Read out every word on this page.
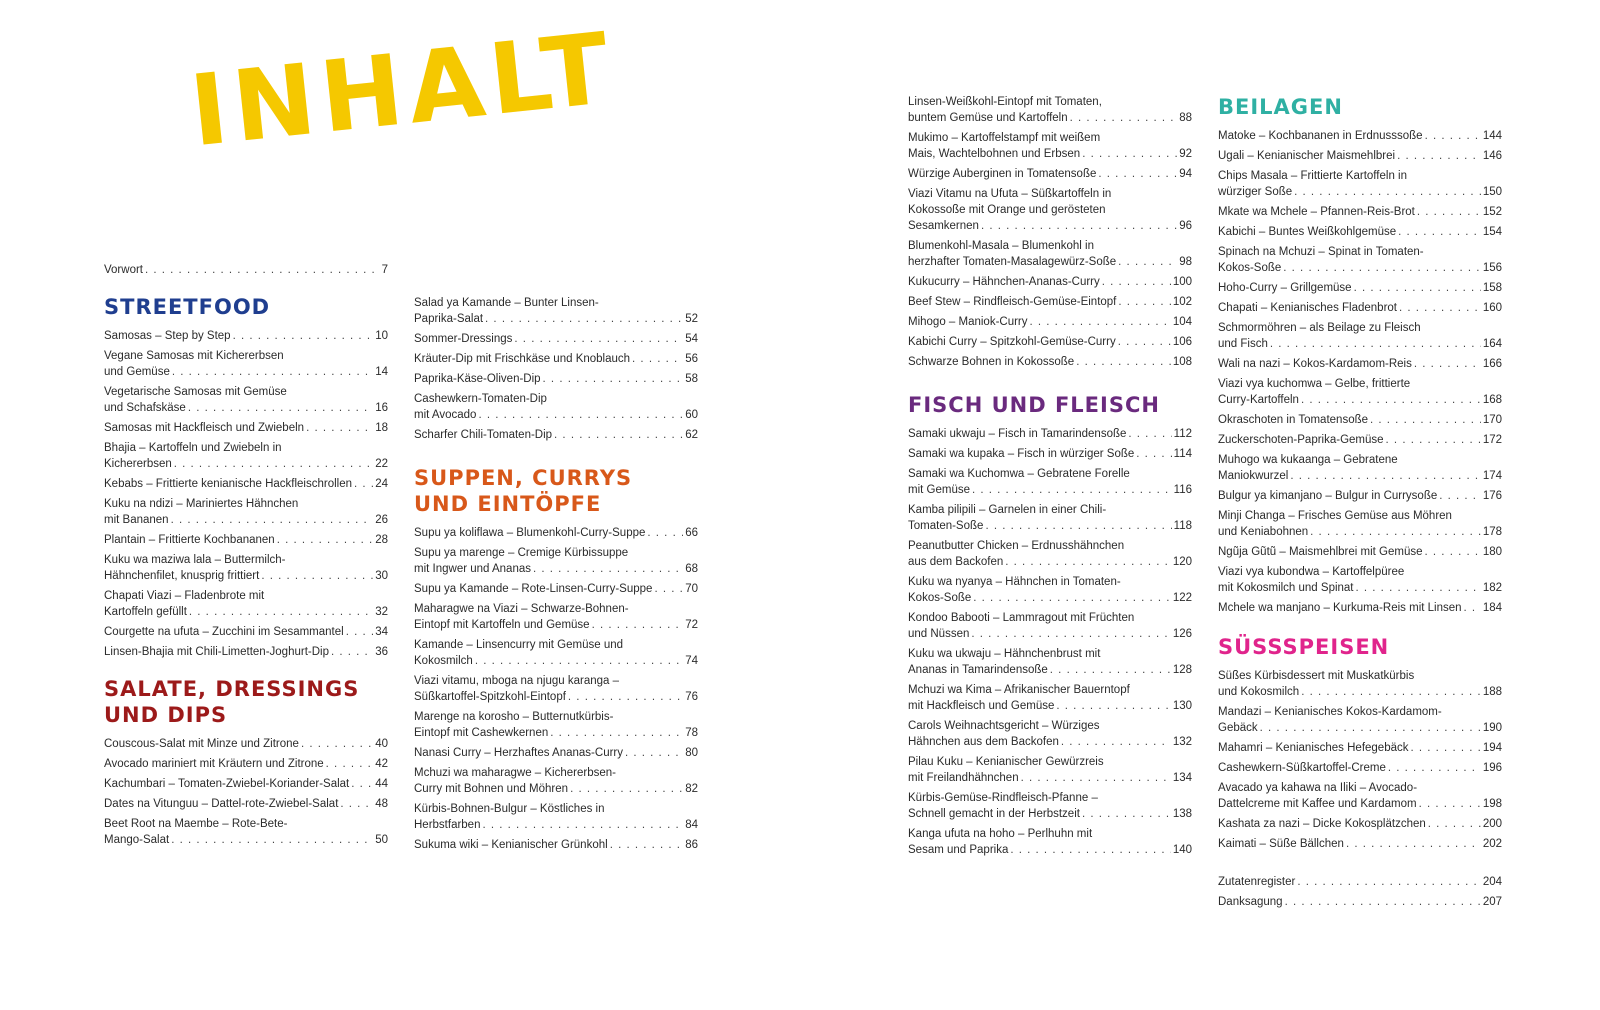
INHALT
Vorwort . . .	7
STREETFOOD
Samosas – Step by Step . . .	10
Vegane Samosas mit Kichererbsen
und Gemüse . . .	14
Vegetarische Samosas mit Gemüse
und Schafskäse . . .	16
Samosas mit Hackfleisch und Zwiebeln . . .	18
Bhajia – Kartoffeln und Zwiebeln in
Kichererbsen . . .	22
Kebabs – Frittierte kenianische Hackfleischrollen . . . 24
Kuku na ndizi – Mariniertes Hähnchen
mit Bananen . . .	26
Plantain – Frittierte Kochbananen . . .	28
Kuku wa maziwa lala – Buttermilch-
Hähnchenfilet, knusprig frittiert . . .	30
Chapati Viazi – Fladenbrote mit
Kartoffeln gefüllt . . .	32
Courgette na ufuta – Zucchini im Sesammantel . . .	34
Linsen-Bhajia mit Chili-Limetten-Joghurt-Dip . . .	36
SALATE, DRESSINGS
UND DIPS
Couscous-Salat mit Minze und Zitrone . . .	40
Avocado mariniert mit Kräutern und Zitrone . . .	42
Kachumbari – Tomaten-Zwiebel-Koriander-Salat . . . 44
Dates na Vitunguu – Dattel-rote-Zwiebel-Salat . . .	48
Beet Root na Maembe – Rote-Bete-
Mango-Salat . . .	50
Salad ya Kamande – Bunter Linsen-
Paprika-Salat . . .	52
Sommer-Dressings . . .	54
Kräuter-Dip mit Frischkäse und Knoblauch . . .	56
Paprika-Käse-Oliven-Dip . . .	58
Cashewkern-Tomaten-Dip
mit Avocado . . .	60
Scharfer Chili-Tomaten-Dip . . .	62
SUPPEN, CURRYS
UND EINTÖPFE
Supu ya koliflawa – Blumenkohl-Curry-Suppe . . .	66
Supu ya marenge – Cremige Kürbissuppe
mit Ingwer und Ananas . . .	68
Supu ya Kamande – Rote-Linsen-Curry-Suppe . . .	70
Maharagwe na Viazi – Schwarze-Bohnen-
Eintopf mit Kartoffeln und Gemüse . . .	72
Kamande – Linsencurry mit Gemüse und
Kokosmilch . . .	74
Viazi vitamu, mboga na njugu karanga –
Süßkartoffel-Spitzkohl-Eintopf . . .	76
Marenge na korosho – Butternutkürbis-
Eintopf mit Cashewkernen . . .	78
Nanasi Curry – Herzhaftes Ananas-Curry . . .	80
Mchuzi wa maharagwe – Kichererbsen-
Curry mit Bohnen und Möhren . . .	82
Kürbis-Bohnen-Bulgur – Köstliches in
Herbstfarben . . .	84
Sukuma wiki – Kenianischer Grünkohl . . .	86
Linsen-Weißkohl-Eintopf mit Tomaten,
buntem Gemüse und Kartoffeln . . .	88
Mukimo – Kartoffelstampf mit weißem
Mais, Wachtelbohnen und Erbsen . . .	92
Würzige Auberginen in Tomatensoße . . .	94
Viazi Vitamu na Ufuta – Süßkartoffeln in
Kokossoße mit Orange und gerösteten
Sesamkernen . . .	96
Blumenkohl-Masala – Blumenkohl in
herzhafter Tomaten-Masalagewürz-Soße . . .	98
Kukucurry – Hähnchen-Ananas-Curry . . .	100
Beef Stew – Rindfleisch-Gemüse-Eintopf . . .	102
Mihogo – Maniok-Curry . . .	104
Kabichi Curry – Spitzkohl-Gemüse-Curry . . .	106
Schwarze Bohnen in Kokossoße . . .	108
FISCH UND FLEISCH
Samaki ukwaju – Fisch in Tamarindensoße . . .	112
Samaki wa kupaka – Fisch in würziger Soße . . .	114
Samaki wa Kuchomwa – Gebratene Forelle
mit Gemüse . . .	116
Kamba pilipili – Garnelen in einer Chili-
Tomaten-Soße . . .	118
Peanutbutter Chicken – Erdnusshähnchen
aus dem Backofen . . .	120
Kuku wa nyanya – Hähnchen in Tomaten-
Kokos-Soße . . .	122
Kondoo Babooti – Lammragout mit Früchten
und Nüssen . . .	126
Kuku wa ukwaju – Hähnchenbrust mit
Ananas in Tamarindensoße . . .	128
Mchuzi wa Kima – Afrikanischer Bauerntopf
mit Hackfleisch und Gemüse . . .	130
Carols Weihnachtsgericht – Würziges
Hähnchen aus dem Backofen . . .	132
Pilau Kuku – Kenianischer Gewürzreis
mit Freilandhähnchen . . .	134
Kürbis-Gemüse-Rindfleisch-Pfanne –
Schnell gemacht in der Herbstzeit . . .	138
Kanga ufuta na hoho – Perlhuhn mit
Sesam und Paprika . . .	140
BEILAGEN
Matoke – Kochbananen in Erdnusssoße . . .	144
Ugali – Kenianischer Maismehlbrei . . .	146
Chips Masala – Frittierte Kartoffeln in
würziger Soße . . .	150
Mkate wa Mchele – Pfannen-Reis-Brot . . .	152
Kabichi – Buntes Weißkohlgemüse . . .	154
Spinach na Mchuzi – Spinat in Tomaten-
Kokos-Soße . . .	156
Hoho-Curry – Grillgemüse . . .	158
Chapati – Kenianisches Fladenbrot . . .	160
Schmormöhren – als Beilage zu Fleisch
und Fisch . . .	164
Wali na nazi – Kokos-Kardamom-Reis . . .	166
Viazi vya kuchomwa – Gelbe, frittierte
Curry-Kartoffeln . . .	168
Okraschoten in Tomatensoße . . .	170
Zuckerschoten-Paprika-Gemüse . . .	172
Muhogo wa kukaanga – Gebratene
Maniokwurzel . . .	174
Bulgur ya kimanjano – Bulgur in Currysoße . . .	176
Minji Changa – Frisches Gemüse aus Möhren
und Keniabohnen . . .	178
Ngũja Gũtũ – Maismehlbrei mit Gemüse . . .	180
Viazi vya kubondwa – Kartoffelpüree
mit Kokosmilch und Spinat . . .	182
Mchele wa manjano – Kurkuma-Reis mit Linsen . . . 184
SÜSSSPEISEN
Süßes Kürbisdessert mit Muskatkürbis
und Kokosmilch . . .	188
Mandazi – Kenianisches Kokos-Kardamom-
Gebäck . . .	190
Mahamri – Kenianisches Hefegebäck . . .	194
Cashewkern-Süßkartoffel-Creme . . .	196
Avacado ya kahawa na Iliki – Avocado-
Dattelcreme mit Kaffee und Kardamom . . .	198
Kashata za nazi – Dicke Kokosplätzchen . . .	200
Kaimati – Süße Bällchen . . .	202
Zutatenregister . . .	204
Danksagung . . .	207
